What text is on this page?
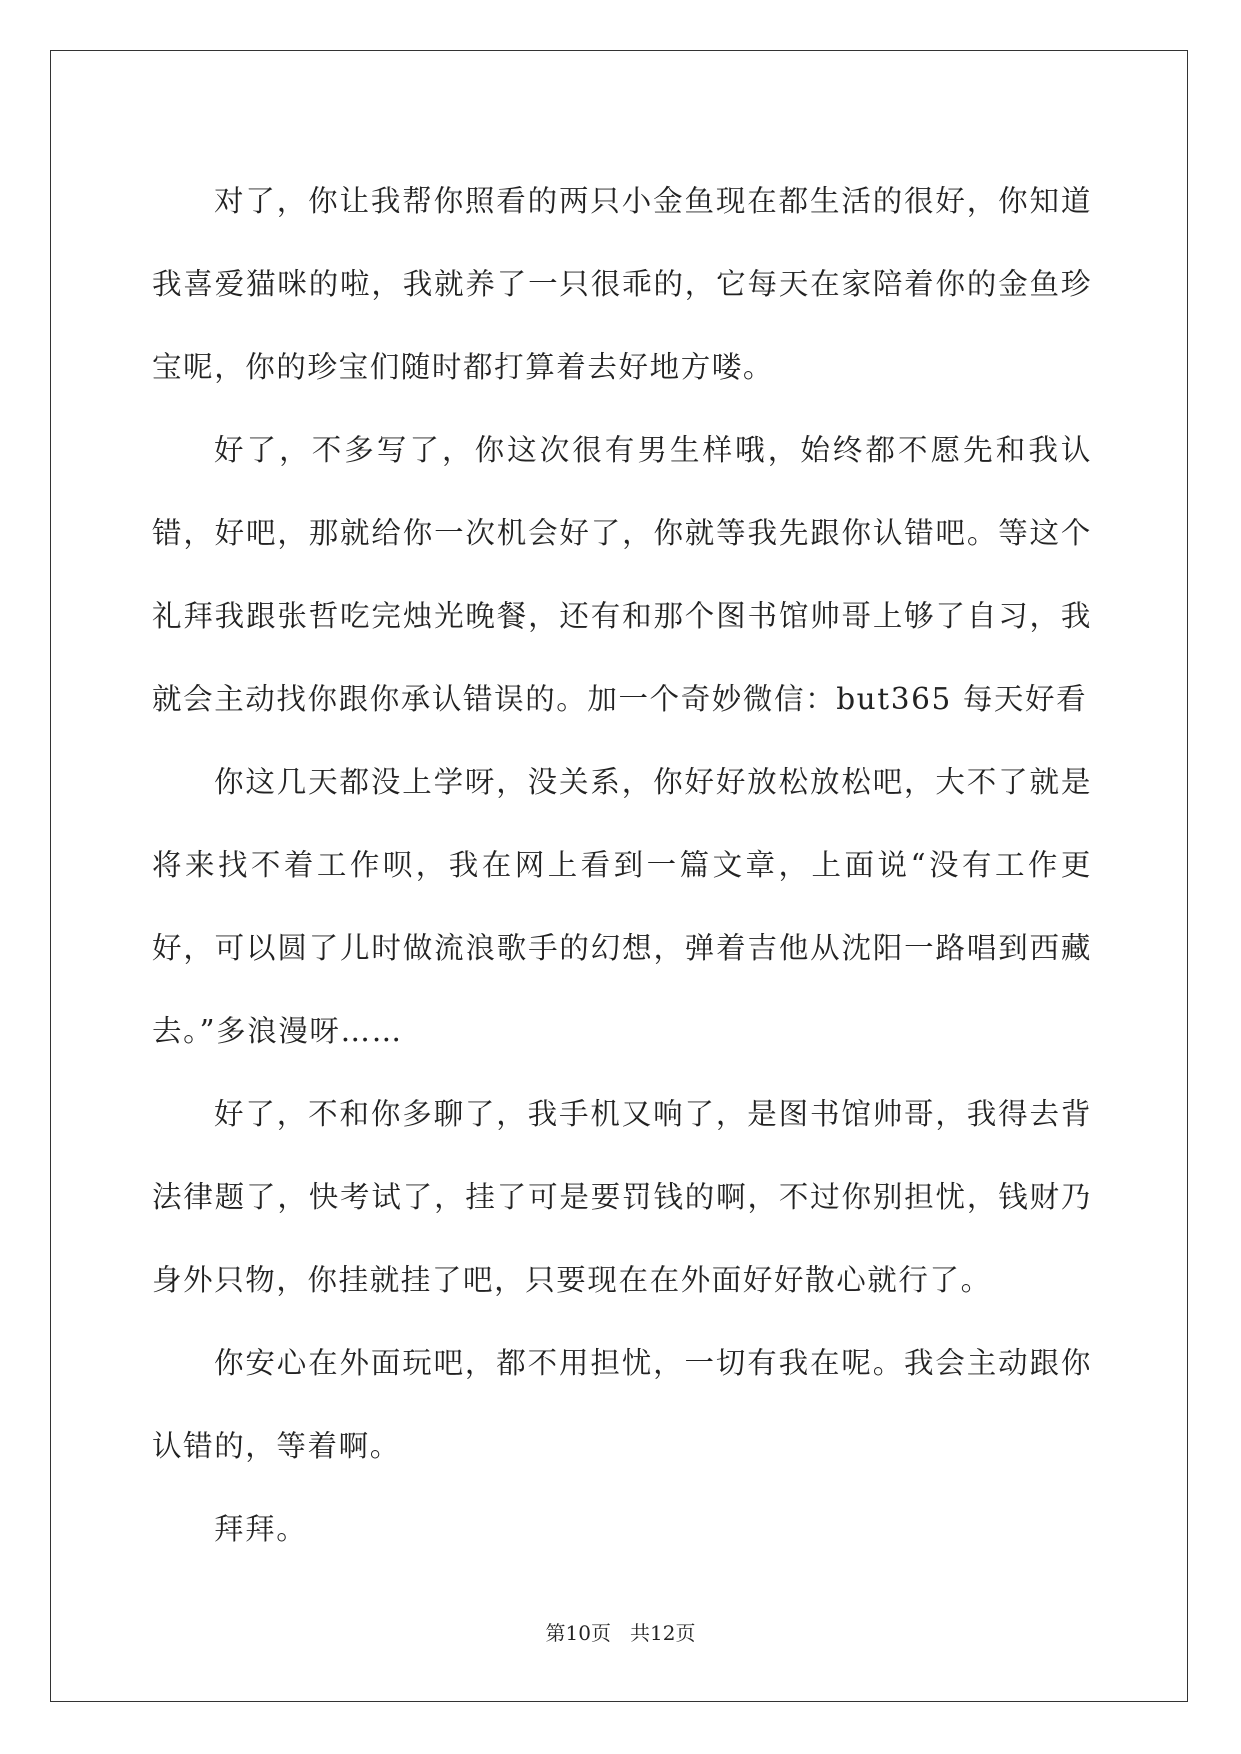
对了，你让我帮你照看的两只小金鱼现在都生活的很好，你知道我喜爱猫咪的啦，我就养了一只很乖的，它每天在家陪着你的金鱼珍宝呢，你的珍宝们随时都打算着去好地方喽。

好了，不多写了，你这次很有男生样哦，始终都不愿先和我认错，好吧，那就给你一次机会好了，你就等我先跟你认错吧。等这个礼拜我跟张哲吃完烛光晚餐，还有和那个图书馆帅哥上够了自习，我就会主动找你跟你承认错误的。加一个奇妙微信：but365 每天好看

你这几天都没上学呀，没关系，你好好放松放松吧，大不了就是将来找不着工作呗，我在网上看到一篇文章，上面说“没有工作更好，可以圆了儿时做流浪歌手的幻想，弹着吉他从沈阳一路唱到西藏去。”多浪漫呀……

好了，不和你多聊了，我手机又响了，是图书馆帅哥，我得去背法律题了，快考试了，挂了可是要罚钱的啊，不过你别担忧，钱财乃身外只物，你挂就挂了吧，只要现在在外面好好散心就行了。

你安心在外面玩吧，都不用担忧，一切有我在呢。我会主动跟你认错的，等着啊。

拜拜。

第10页   共12页
